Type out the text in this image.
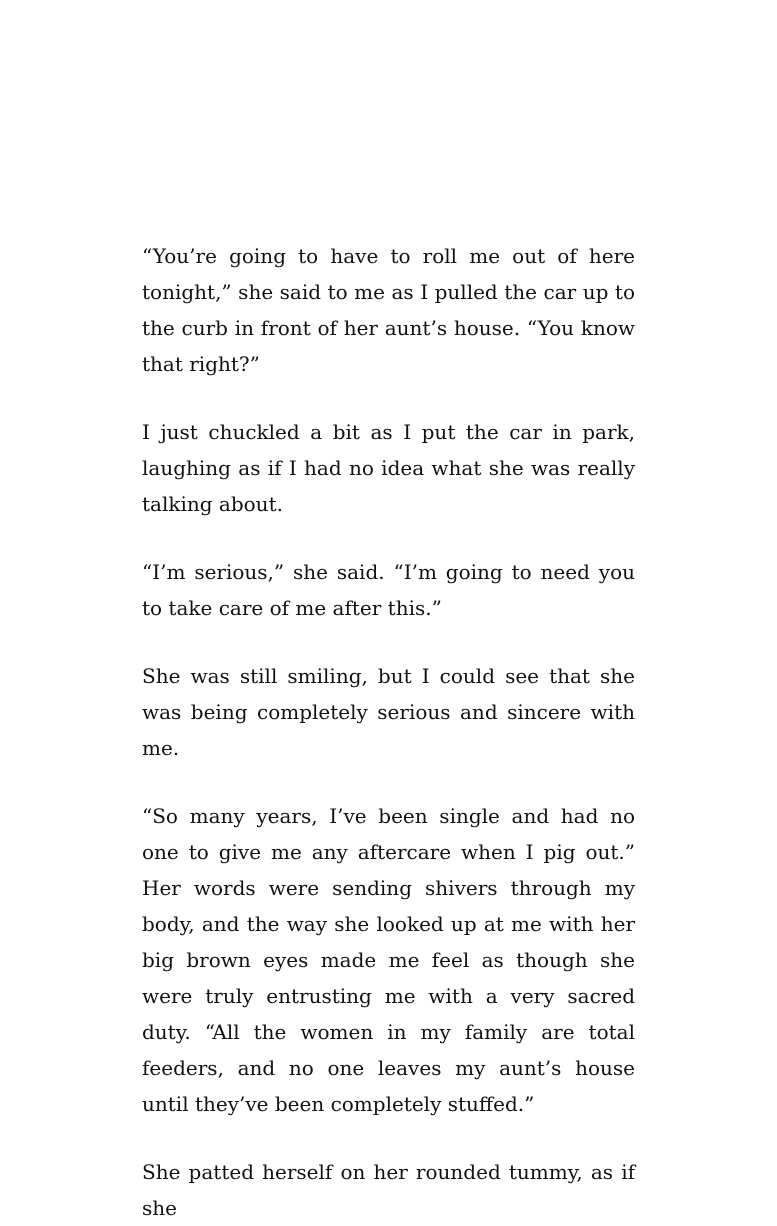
“You’re going to have to roll me out of here tonight,” she said to me as I pulled the car up to the curb in front of her aunt’s house. “You know that right?”

I just chuckled a bit as I put the car in park, laughing as if I had no idea what she was really talking about.

“I’m serious,” she said. “I’m going to need you to take care of me after this.”

She was still smiling, but I could see that she was being completely serious and sincere with me.

“So many years, I’ve been single and had no one to give me any aftercare when I pig out.” Her words were sending shivers through my body, and the way she looked up at me with her big brown eyes made me feel as though she were truly entrusting me with a very sacred duty. “All the women in my family are total feeders, and no one leaves my aunt’s house until they’ve been completely stuffed.”

She patted herself on her rounded tummy, as if she
